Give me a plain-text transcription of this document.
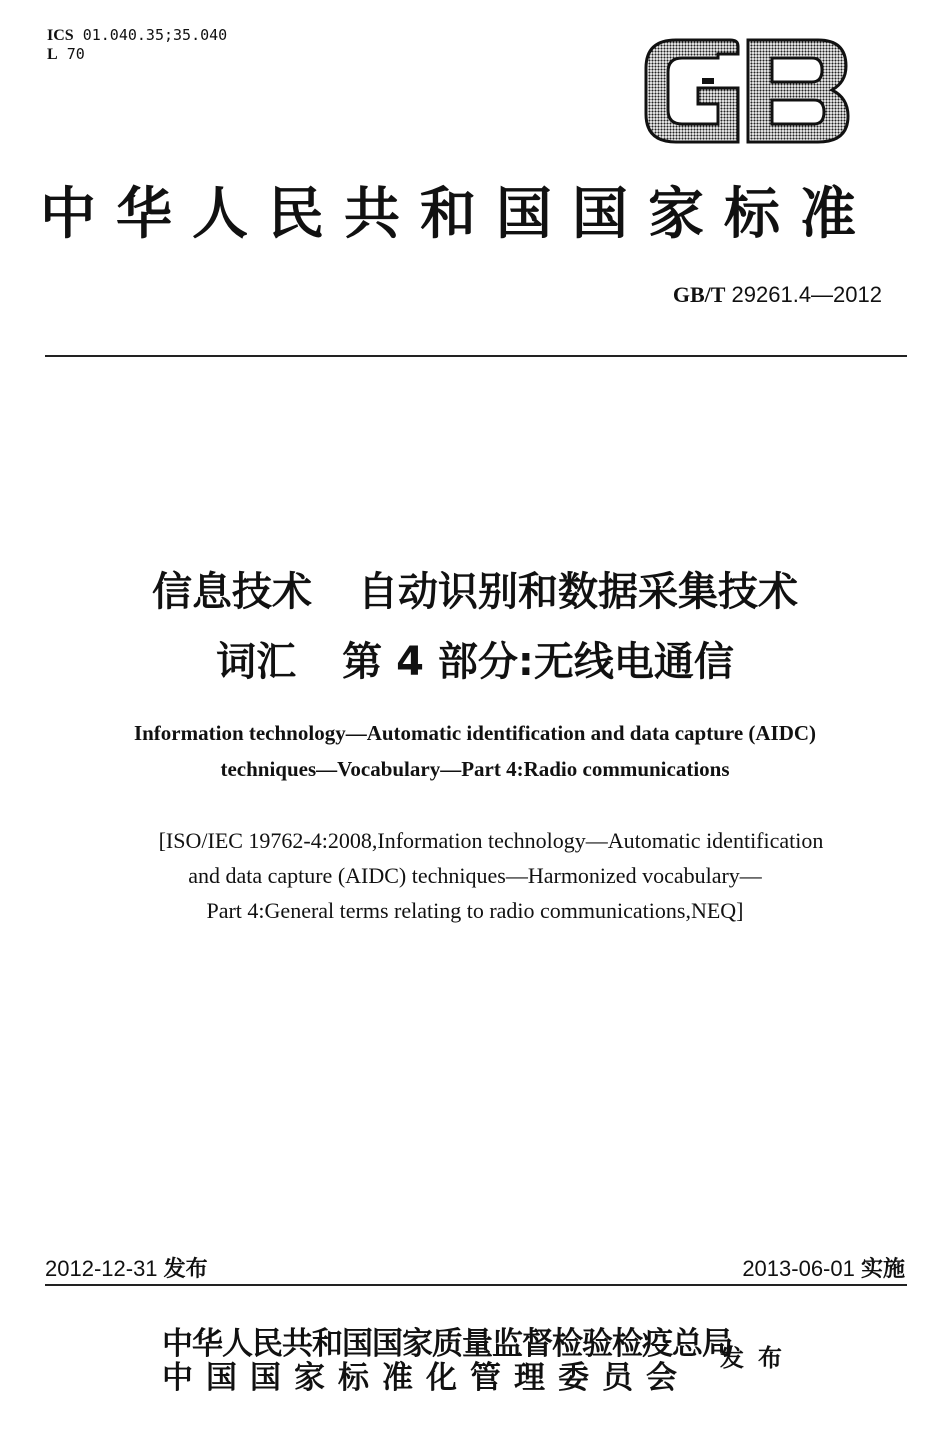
ICS 01.040.35;35.040
L 70
中华人民共和国国家标准
GB/T 29261.4—2012
信息技术 自动识别和数据采集技术
词汇 第 4 部分:无线电通信
Information technology—Automatic identification and data capture (AIDC)
techniques—Vocabulary—Part 4:Radio communications
[ISO/IEC 19762-4:2008,Information technology—Automatic identification
and data capture (AIDC) techniques—Harmonized vocabulary—
Part 4:General terms relating to radio communications,NEQ]
2012-12-31 发布	2013-06-01 实施
中华人民共和国国家质量监督检验检疫总局
中国国家标准化管理委员会
发布
